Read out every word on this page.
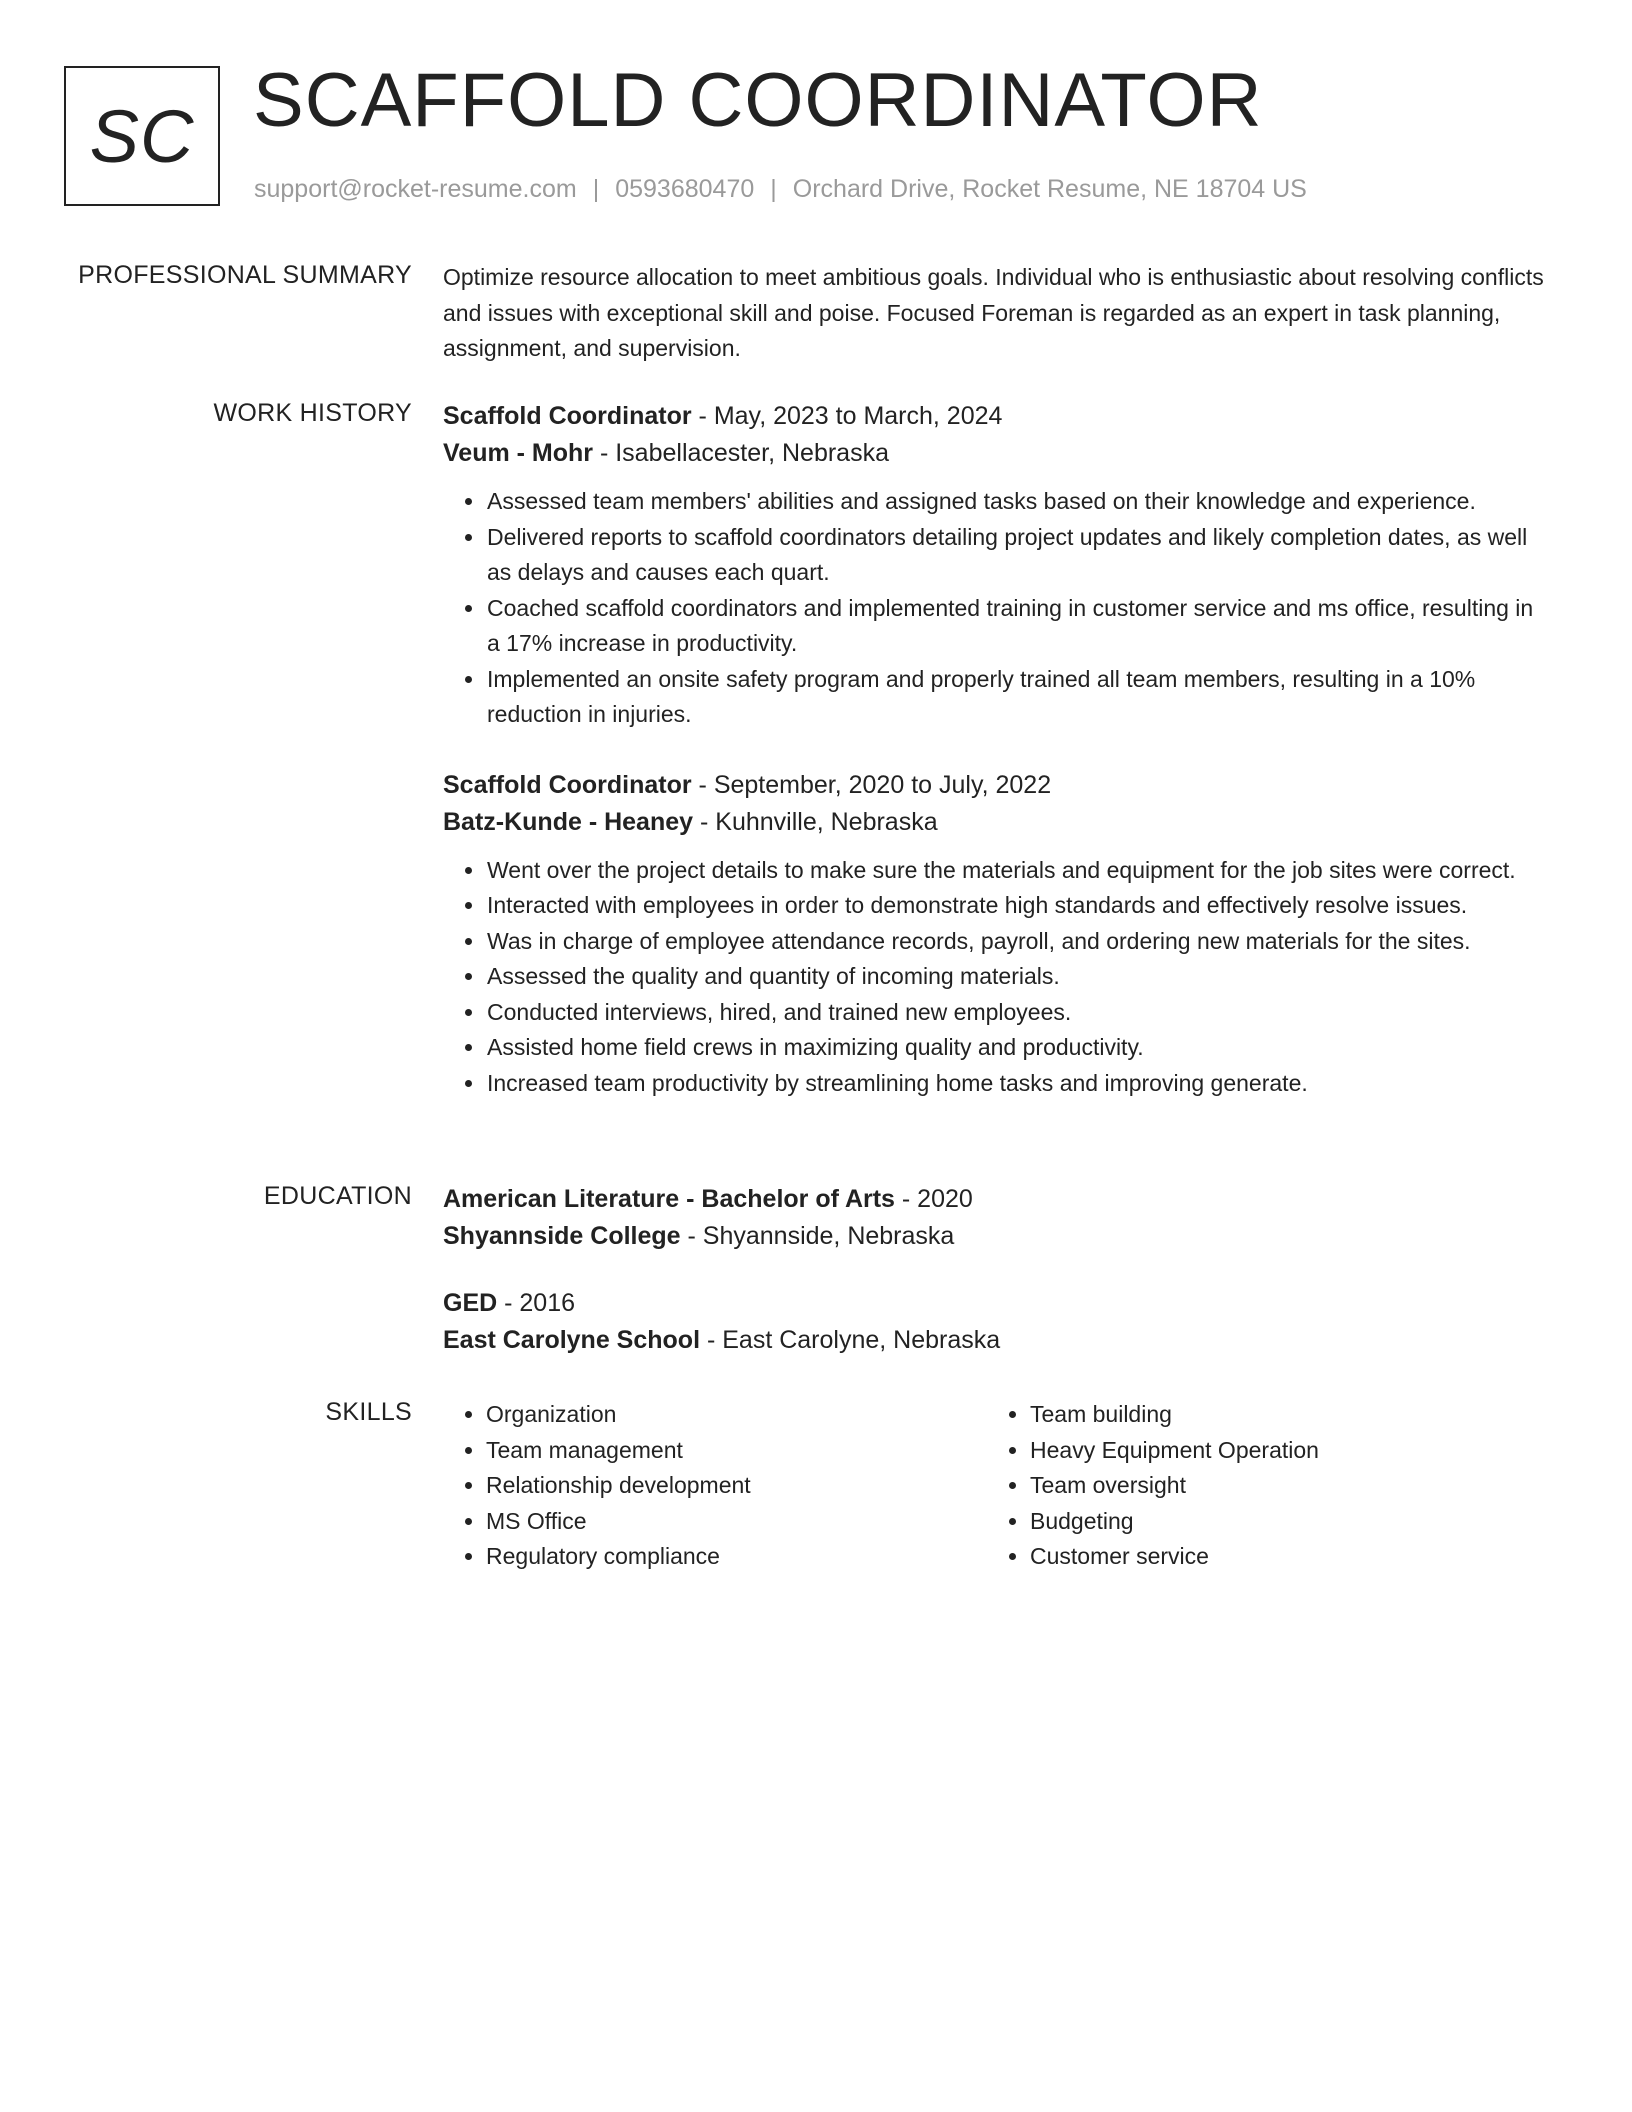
SC SCAFFOLD COORDINATOR
support@rocket-resume.com | 0593680470 | Orchard Drive, Rocket Resume, NE 18704 US
PROFESSIONAL SUMMARY Optimize resource allocation to meet ambitious goals. Individual who is enthusiastic about resolving conflicts and issues with exceptional skill and poise. Focused Foreman is regarded as an expert in task planning, assignment, and supervision.

WORK HISTORY Scaffold Coordinator - May, 2023 to March, 2024
Veum - Mohr - Isabellacester, Nebraska
• Assessed team members' abilities and assigned tasks based on their knowledge and experience.
• Delivered reports to scaffold coordinators detailing project updates and likely completion dates, as well as delays and causes each quart.
• Coached scaffold coordinators and implemented training in customer service and ms office, resulting in a 17% increase in productivity.
• Implemented an onsite safety program and properly trained all team members, resulting in a 10% reduction in injuries.
Scaffold Coordinator - September, 2020 to July, 2022
Batz-Kunde - Heaney - Kuhnville, Nebraska
• Went over the project details to make sure the materials and equipment for the job sites were correct.
• Interacted with employees in order to demonstrate high standards and effectively resolve issues.
• Was in charge of employee attendance records, payroll, and ordering new materials for the sites.
• Assessed the quality and quantity of incoming materials.
• Conducted interviews, hired, and trained new employees.
• Assisted home field crews in maximizing quality and productivity.
• Increased team productivity by streamlining home tasks and improving generate.
EDUCATION American Literature - Bachelor of Arts - 2020
Shyannside College - Shyannside, Nebraska
GED - 2016
East Carolyne School - East Carolyne, Nebraska
SKILLS
•	Organization
• Team management
• Relationship development
• MS Office
• Regulatory compliance
• Team building
• Heavy Equipment Operation
• Team oversight
• Budgeting
• Customer service
